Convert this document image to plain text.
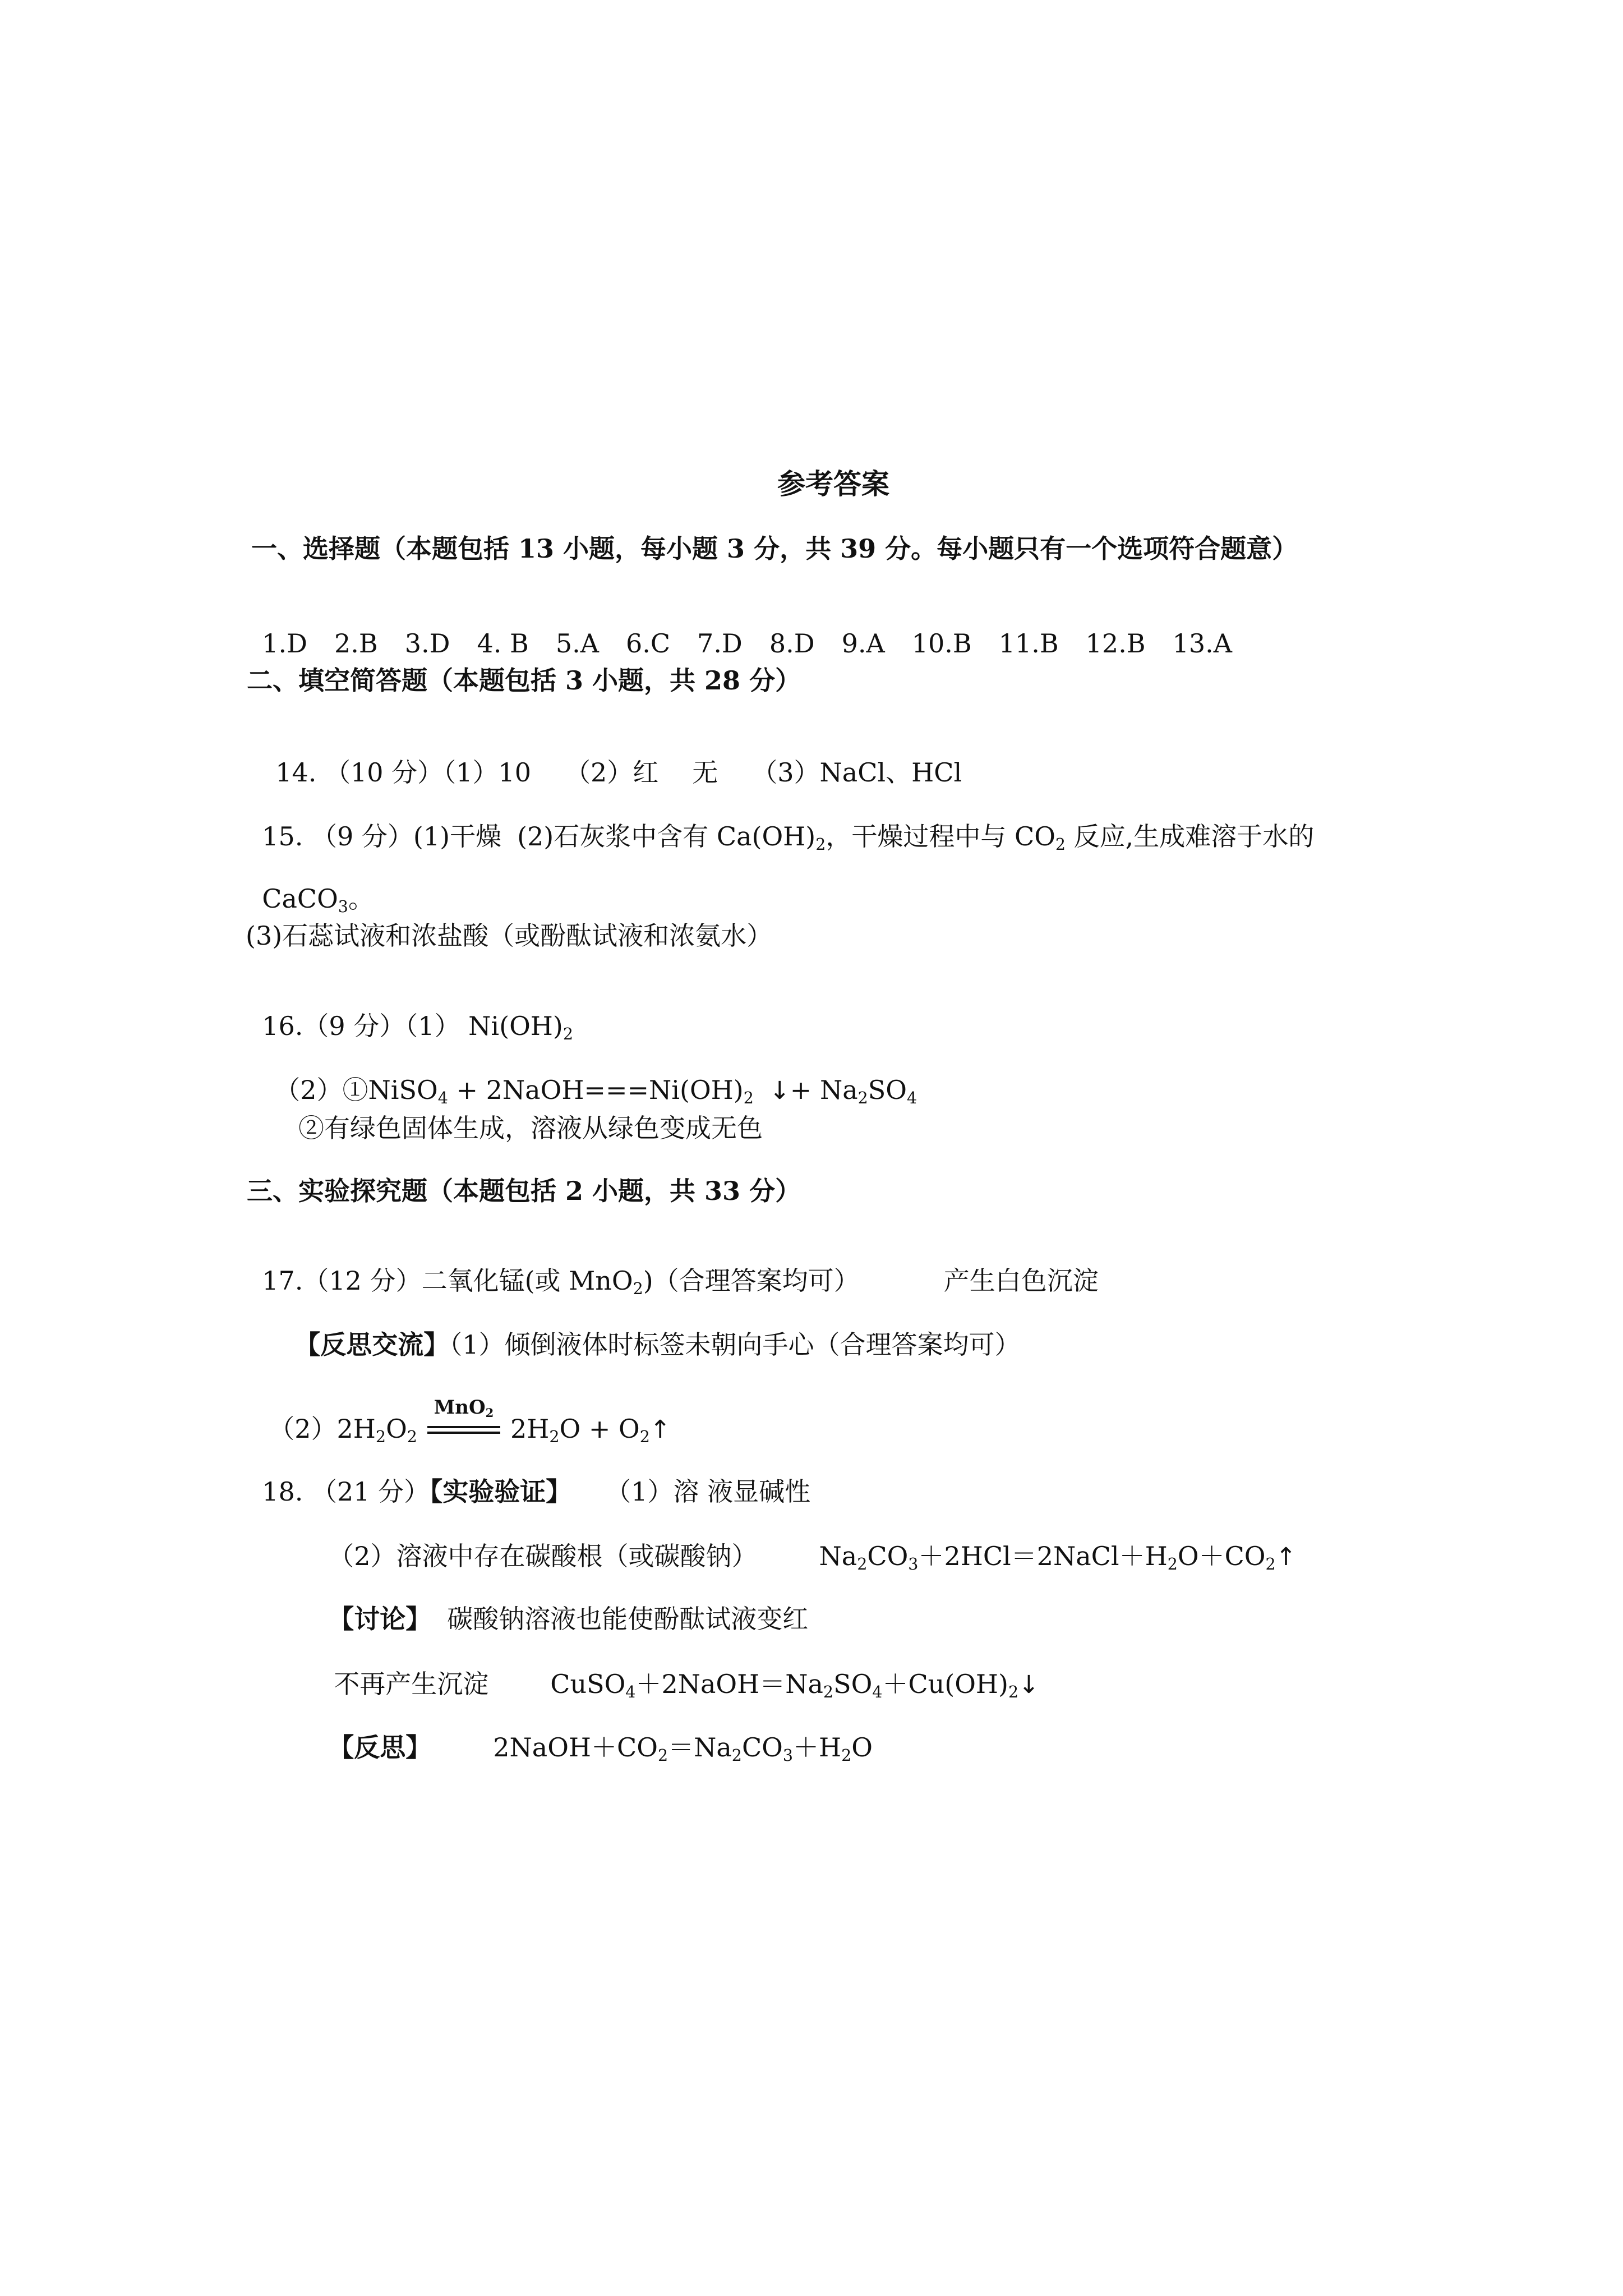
参考答案
一、选择题（本题包括 13 小题，每小题 3 分，共 39 分。每小题只有一个选项符合题意）

1.D 2.B 3.D 4. B 5.A 6.C 7.D 8.D 9.A 10.B 11.B 12.B 13.A

二、填空简答题（本题包括 3 小题，共 28 分）

14. （10 分）（1）10 （2）红 无 （3）NaCl、HCl

15. （9 分）(1)干燥 (2)石灰浆中含有 $Ca(OH)_2$，干燥过程中与 $CO_2$ 反应,生成难溶于水的

CaCO$_3$。

(3)石蕊试液和浓盐酸（或酚酞试液和浓氨水）

16.（9 分）（1） $Ni(OH)_2$

（2）①NiSO$_4$ + $2NaOH===Ni(OH)_2$ ↓+ $Na_2SO_4$

②有绿色固体生成，溶液从绿色变成无色
三、实验探究题（本题包括 2 小题，共 33 分）

17.（12 分）二氧化锰(或 MnO$_2$)（合理答案均可）	产生白色沉淀

【反思交流】（1）倾倒液体时标签未朝向手心（合理答案均可）

$(2)2H_2O_2$
MnO$_2$
$2H_2O$ + $O_2↑$

18. （21 分）【实验验证】 （1）溶 液显碱性

（2）溶液中存在碳酸根（或碳酸钠） $Na_2CO_3+2HCl=2NaCl+H_2O+CO_2↑$

【讨论】 碳酸钠溶液也能使酚酞试液变红

不再产生沉淀 $CuSO_4+2NaOH=Na_2SO_4+Cu(OH)_2↓$

【反思】 $2NaOH+CO_2=Na_2CO_3+H_2O$
